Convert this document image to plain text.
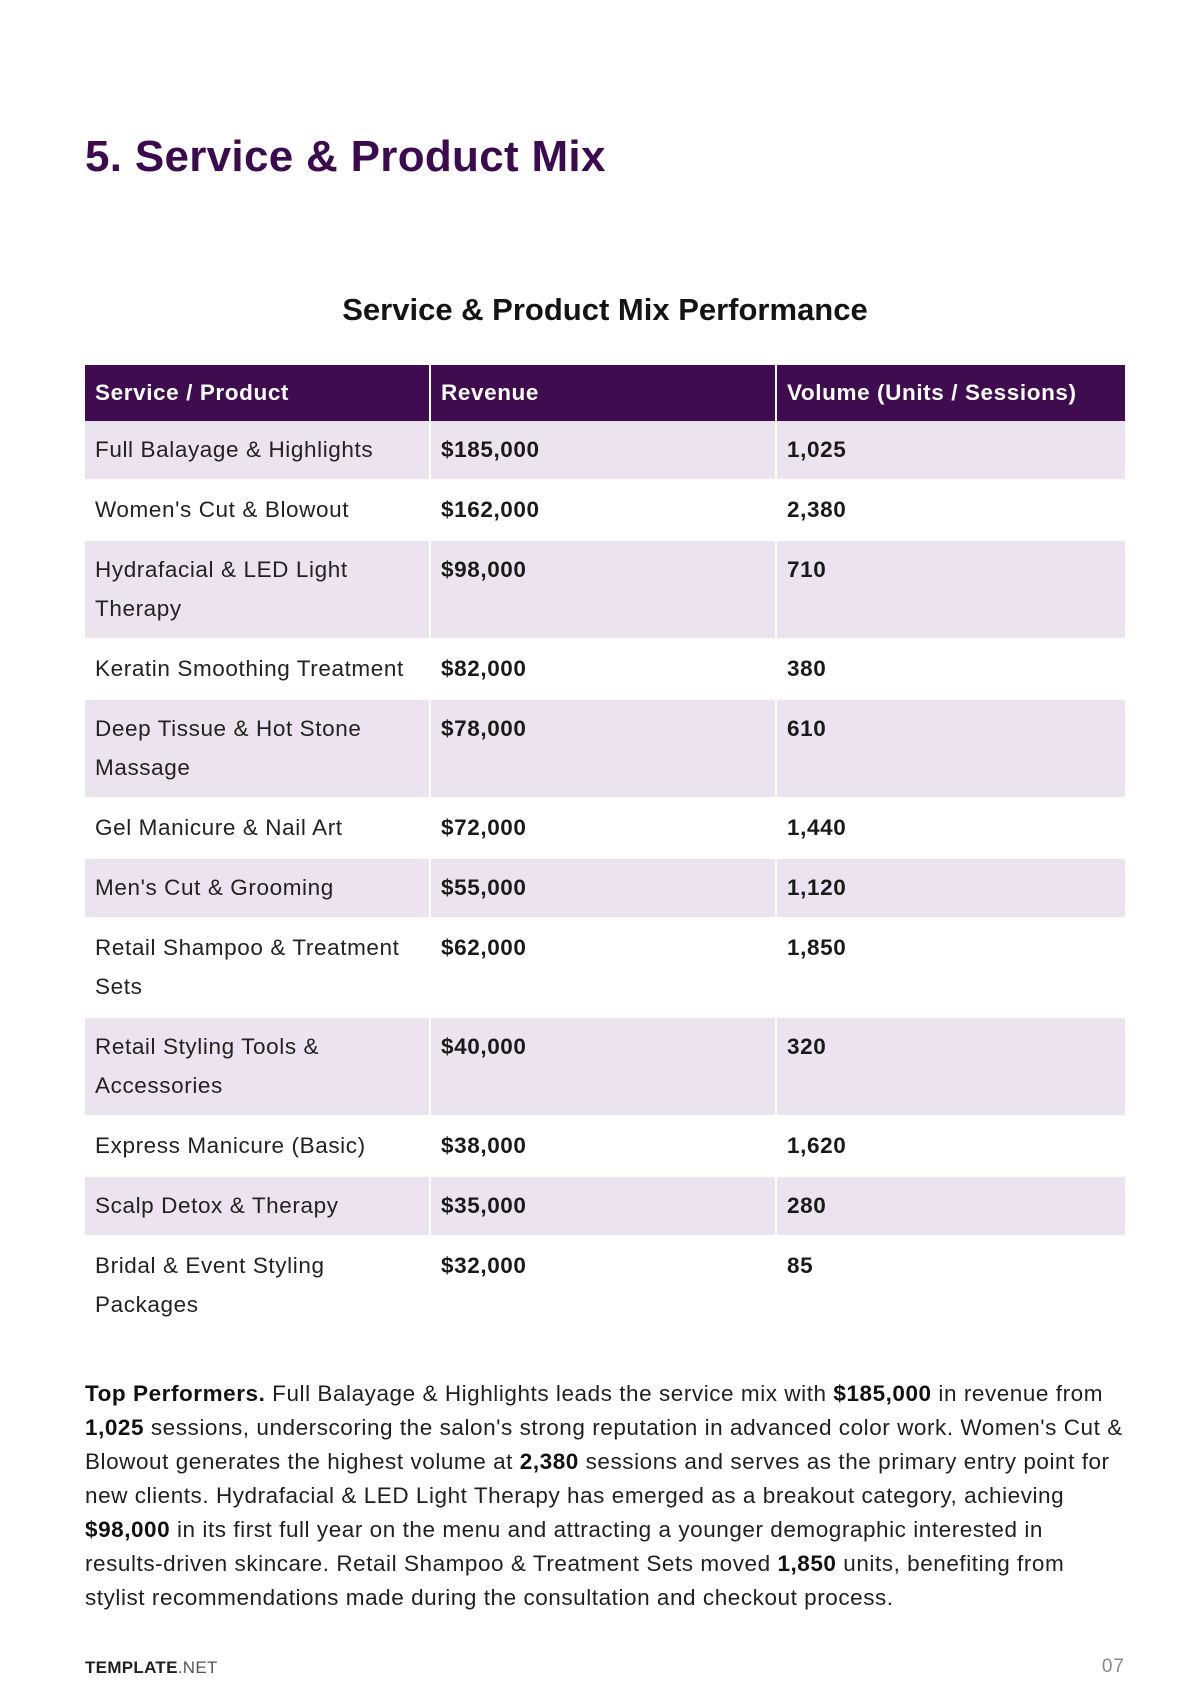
5. Service & Product Mix
Service & Product Mix Performance
Service / Product	Revenue	Volume (Units / Sessions)
Full Balayage & Highlights	$185,000	1,025
Women's Cut & Blowout	$162,000	2,380
Hydrafacial & LED Light Therapy	$98,000	710
Keratin Smoothing Treatment	$82,000	380
Deep Tissue & Hot Stone Massage	$78,000	610
Gel Manicure & Nail Art	$72,000	1,440
Men's Cut & Grooming	$55,000	1,120
Retail Shampoo & Treatment Sets	$62,000	1,850
Retail Styling Tools & Accessories	$40,000	320
Express Manicure (Basic)	$38,000	1,620
Scalp Detox & Therapy	$35,000	280
Bridal & Event Styling Packages	$32,000	85

Top Performers. Full Balayage & Highlights leads the service mix with $185,000 in revenue from 1,025 sessions, underscoring the salon's strong reputation in advanced color work. Women's Cut & Blowout generates the highest volume at 2,380 sessions and serves as the primary entry point for new clients. Hydrafacial & LED Light Therapy has emerged as a breakout category, achieving $98,000 in its first full year on the menu and attracting a younger demographic interested in results-driven skincare. Retail Shampoo & Treatment Sets moved 1,850 units, benefiting from stylist recommendations made during the consultation and checkout process.

TEMPLATE.NET	07
